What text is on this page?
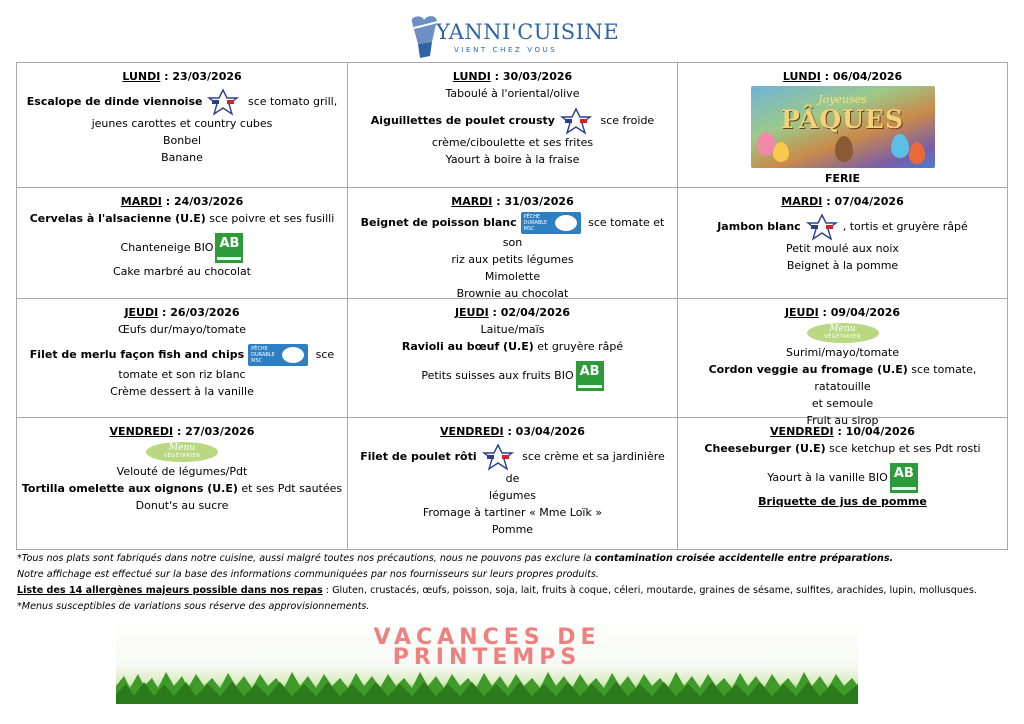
YANNI'CUISINE
VIENT CHEZ VOUS
LUNDI : 23/03/2026
Escalope de dinde viennoise	sce tomato grill,
jeunes carottes et country cubes
Bonbel
Banane
LUNDI : 30/03/2026
Taboulé à l'oriental/olive
Aiguillettes de poulet crousty	sce froide
crème/ciboulette et ses frites
Yaourt à boire à la fraise
LUNDI : 06/04/2026
Joyeuses
PÂQUES
FERIE
MARDI : 24/03/2026
Cervelas à l'alsacienne (U.E) sce poivre et ses fusilli
Chanteneige BIO AB
Cake marbré au chocolat
MARDI : 31/03/2026
Beignet de poisson blanc PÊCHE DURABLE MSC	sce tomate et son
riz aux petits légumes
Mimolette
Brownie au chocolat
MARDI : 07/04/2026
Jambon blanc	, tortis et gruyère râpé
Petit moulé aux noix
Beignet à la pomme
JEUDI : 26/03/2026
Œufs dur/mayo/tomate
Filet de merlu façon fish and chips PÊCHE DURABLE MSC	sce
tomate et son riz blanc
Crème dessert à la vanille
JEUDI : 02/04/2026
Laitue/maïs
Ravioli au bœuf (U.E) et gruyère râpé
Petits suisses aux fruits BIO AB
JEUDI : 09/04/2026
Menu
VÉGÉTARIEN
Surimi/mayo/tomate
Cordon veggie au fromage (U.E) sce tomate, ratatouille
et semoule
Fruit au sirop
VENDREDI : 27/03/2026
Menu
VÉGÉTARIEN
Velouté de légumes/Pdt
Tortilla omelette aux oignons (U.E) et ses Pdt sautées
Donut's au sucre
VENDREDI : 03/04/2026
Filet de poulet rôti	sce crème et sa jardinière de
légumes
Fromage à tartiner « Mme Loïk »
Pomme
VENDREDI : 10/04/2026
Cheeseburger (U.E) sce ketchup et ses Pdt rosti
Yaourt à la vanille BIO AB
Briquette de jus de pomme
*Tous nos plats sont fabriqués dans notre cuisine, aussi malgré toutes nos précautions, nous ne pouvons pas exclure la contamination croisée accidentelle entre préparations.
Notre affichage est effectué sur la base des informations communiquées par nos fournisseurs sur leurs propres produits.
Liste des 14 allergènes majeurs possible dans nos repas : Gluten, crustacés, œufs, poisson, soja, lait, fruits à coque, céleri, moutarde, graines de sésame, sulfites, arachides, lupin, mollusques.
*Menus susceptibles de variations sous réserve des approvisionnements.
VACANCES DE
PRINTEMPS
